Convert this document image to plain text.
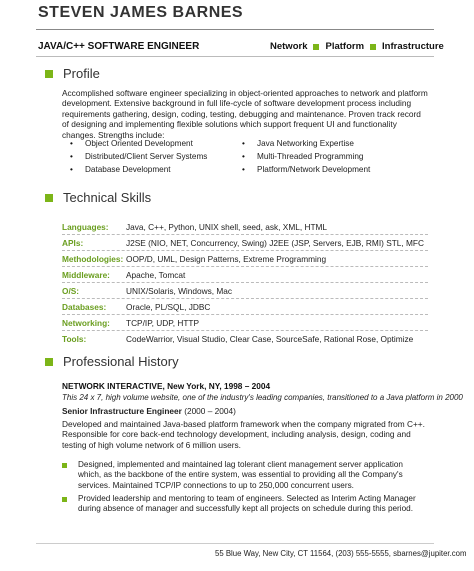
STEVEN JAMES BARNES
JAVA/C++ SOFTWARE ENGINEER	Network Platform Infrastructure
Profile
Accomplished software engineer specializing in object-oriented approaches to network and platform development. Extensive background in full life-cycle of software development process including requirements gathering, design, coding, testing, debugging and maintenance. Proven track record of designing and implementing flexible solutions which support frequent UI and functionality changes. Strengths include:
• Object Oriented Development
• Distributed/Client Server Systems
• Database Development
• Java Networking Expertise
• Multi-Threaded Programming
• Platform/Network Development
Technical Skills
Languages: Java, C++, Python, UNIX shell, seed, ask, XML, HTML
APIs:	J2SE (NIO, NET, Concurrency, Swing) J2EE (JSP, Servers, EJB, RMI) STL, MFC
Methodologies: OOP/D, UML, Design Patterns, Extreme Programming
Middleware: Apache, Tomcat
O/S:	UNIX/Solaris, Windows, Mac
Databases: Oracle, PL/SQL, JDBC
Networking: TCP/IP, UDP, HTTP
Tools:	CodeWarrior, Visual Studio, Clear Case, SourceSafe, Rational Rose, Optimize
Professional History
NETWORK INTERACTIVE, New York, NY, 1998 – 2004
This 24 x 7, high volume website, one of the industry's leading companies, transitioned to a Java platform in 2000
Senior Infrastructure Engineer (2000 – 2004)
Developed and maintained Java-based platform framework when the company migrated from C++. Responsible for core back-end technology development, including analysis, design, coding and testing of high volume network of 6 million users.
Designed, implemented and maintained lag tolerant client management server application which, as the backbone of the entire system, was essential to providing all the Company's services. Maintained TCP/IP connections to up to 250,000 concurrent users.
Provided leadership and mentoring to team of engineers. Selected as Interim Acting Manager during absence of manager and successfully kept all projects on schedule during this period.
55 Blue Way, New City, CT 11564, (203) 555-5555, sbarnes@jupiter.com
